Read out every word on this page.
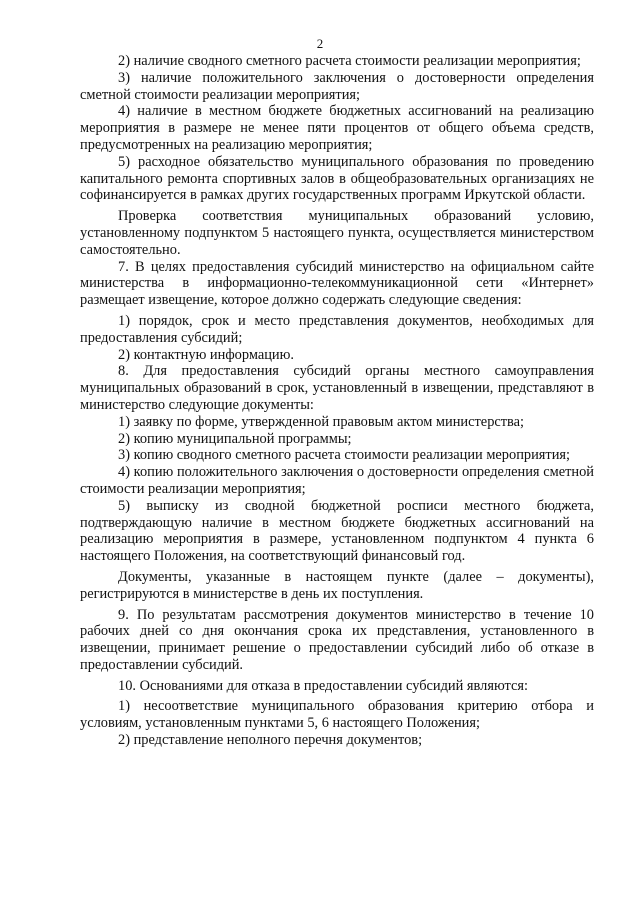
2

2) наличие сводного сметного расчета стоимости реализации мероприятия;

3) наличие положительного заключения о достоверности определения сметной стоимости реализации мероприятия;

4) наличие в местном бюджете бюджетных ассигнований на реализацию мероприятия в размере не менее пяти процентов от общего объема средств, предусмотренных на реализацию мероприятия;

5) расходное обязательство муниципального образования по проведению капитального ремонта спортивных залов в общеобразовательных организациях не софинансируется в рамках других государственных программ Иркутской области.

Проверка соответствия муниципальных образований условию, установленному подпунктом 5 настоящего пункта, осуществляется министерством самостоятельно.

7. В целях предоставления субсидий министерство на официальном сайте министерства в информационно-телекоммуникационной сети «Интернет» размещает извещение, которое должно содержать следующие сведения:

1) порядок, срок и место представления документов, необходимых для предоставления субсидий;

2) контактную информацию.

8. Для предоставления субсидий органы местного самоуправления муниципальных образований в срок, установленный в извещении, представляют в министерство следующие документы:

1) заявку по форме, утвержденной правовым актом министерства;

2) копию муниципальной программы;

3) копию сводного сметного расчета стоимости реализации мероприятия;

4) копию положительного заключения о достоверности определения сметной стоимости реализации мероприятия;

5) выписку из сводной бюджетной росписи местного бюджета, подтверждающую наличие в местном бюджете бюджетных ассигнований на реализацию мероприятия в размере, установленном подпунктом 4 пункта 6 настоящего Положения, на соответствующий финансовый год.

Документы, указанные в настоящем пункте (далее – документы), регистрируются в министерстве в день их поступления.

9. По результатам рассмотрения документов министерство в течение 10 рабочих дней со дня окончания срока их представления, установленного в извещении, принимает решение о предоставлении субсидий либо об отказе в предоставлении субсидий.

10. Основаниями для отказа в предоставлении субсидий являются:

1) несоответствие муниципального образования критерию отбора и условиям, установленным пунктами 5, 6 настоящего Положения;

2) представление неполного перечня документов;
